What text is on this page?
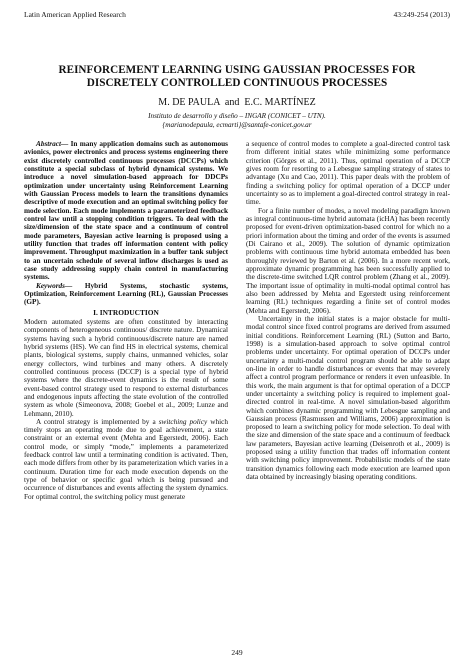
Latin American Applied Research	43:249-254 (2013)
REINFORCEMENT LEARNING USING GAUSSIAN PROCESSES FOR
DISCRETELY CONTROLLED CONTINUOUS PROCESSES
M. DE PAULA and E.C. MARTÍNEZ
Instituto de desarrollo y diseño – INGAR (CONICET – UTN).
{marianodepaula, ecmarti}@santafe-conicet.gov.ar

Abstract— In many application domains such as autonomous avionics, power electronics and process systems engineering there exist discretely controlled continuous processes (DCCPs) which constitute a special subclass of hybrid dynamical systems. We introduce a novel simulation-based approach for DDCPs optimization under uncertainty using Reinforcement Learning with Gaussian Process models to learn the transitions dynamics descriptive of mode execution and an optimal switching policy for mode selection. Each mode implements a parameterized feedback control law until a stopping condition triggers. To deal with the size/dimension of the state space and a continuum of control mode parameters, Bayesian active learning is proposed using a utility function that trades off information content with policy improvement. Throughput maximization in a buffer tank subject to an uncertain schedule of several inflow discharges is used as case study addressing supply chain control in manufacturing systems.

Keywords— Hybrid Systems, stochastic systems, Optimization, Reinforcement Learning (RL), Gaussian Processes (GP).

I. INTRODUCTION

Modern automated systems are often constituted by interacting components of heterogeneous continuous/ discrete nature. Dynamical systems having such a hybrid continuous/discrete nature are named hybrid systems (HS). We can find HS in electrical systems, chemical plants, biological systems, supply chains, unmanned vehicles, solar energy collectors, wind turbines and many others. A discretely controlled continuous process (DCCP) is a special type of hybrid systems where the discrete-event dynamics is the result of some event-based control strategy used to respond to external disturbances and endogenous inputs affecting the state evolution of the controlled system as whole (Simeonova, 2008; Goebel et al., 2009; Lunze and Lehmann, 2010).

A control strategy is implemented by a switching policy which timely stops an operating mode due to goal achievement, a state constraint or an external event (Mehta and Egerstedt, 2006). Each control mode, or simply “mode,” implements a parameterized feedback control law until a terminating condition is activated. Then, each mode differs from other by its parameterization which varies in a continuum. Duration time for each mode execution depends on the type of behavior or specific goal which is being pursued and occurrence of disturbances and events affecting the system dynamics. For optimal control, the switching policy must generate

a sequence of control modes to complete a goal-directed control task from different initial states while minimizing some performance criterion (Görges et al., 2011). Thus, optimal operation of a DCCP gives room for resorting to a Lebesgue sampling strategy of states to advantage (Xu and Cao, 2011). This paper deals with the problem of finding a switching policy for optimal operation of a DCCP under uncertainty so as to implement a goal-directed control strategy in real-time.

For a finite number of modes, a novel modeling paradigm known as integral continuous-time hybrid automata (icHA) has been recently proposed for event-driven optimization-based control for which no a priori information about the timing and order of the events is assumed (Di Cairano et al., 2009). The solution of dynamic optimization problems with continuous time hybrid automata embedded has been thoroughly reviewed by Barton et al. (2006). In a more recent work, approximate dynamic programming has been successfully applied to the discrete-time switched LQR control problem (Zhang et al., 2009). The important issue of optimality in multi-modal optimal control has also been addressed by Mehta and Egerstedt using reinforcement learning (RL) techniques regarding a finite set of control modes (Mehta and Egerstedt, 2006).

Uncertainty in the initial states is a major obstacle for multi-modal control since fixed control programs are derived from assumed initial conditions. Reinforcement Learning (RL) (Sutton and Barto, 1998) is a simulation-based approach to solve optimal control problems under uncertainty. For optimal operation of DCCPs under uncertainty a multi-modal control program should be able to adapt on-line in order to handle disturbances or events that may severely affect a control program performance or renders it even unfeasible. In this work, the main argument is that for optimal operation of a DCCP under uncertainty a switching policy is required to implement goal-directed control in real-time. A novel simulation-based algorithm which combines dynamic programming with Lebesgue sampling and Gaussian process (Rasmussen and Williams, 2006) approximation is proposed to learn a switching policy for mode selection. To deal with the size and dimension of the state space and a continuum of feedback law parameters, Bayesian active learning (Deisenroth et al., 2009) is proposed using a utility function that trades off information content with switching policy improvement. Probabilistic models of the state transition dynamics following each mode execution are learned upon data obtained by increasingly biasing operating conditions.

249
